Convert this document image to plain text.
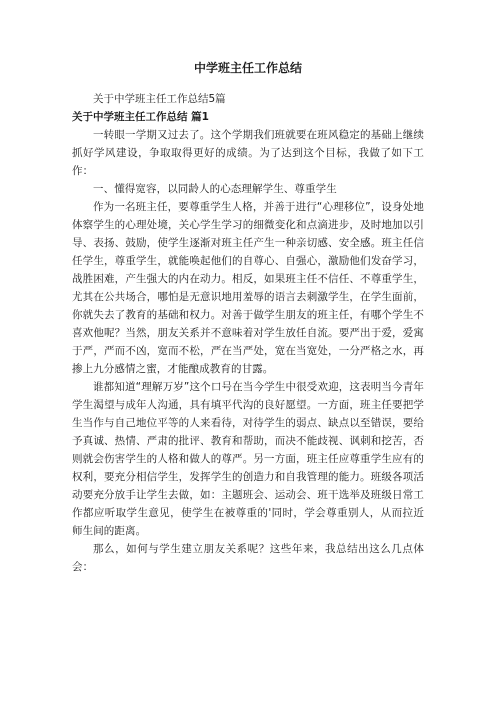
中学班主任工作总结

关于中学班主任工作总结5篇

关于中学班主任工作总结 篇1

一转眼一学期又过去了。这个学期我们班就要在班风稳定的基础上继续抓好学风建设，争取取得更好的成绩。为了达到这个目标，我做了如下工作：

一、懂得宽容，以同龄人的心态理解学生、尊重学生

作为一名班主任，要尊重学生人格，并善于进行“心理移位”，设身处地体察学生的心理处境，关心学生学习的细微变化和点滴进步，及时地加以引导、表扬、鼓励，使学生逐渐对班主任产生一种亲切感、安全感。班主任信任学生，尊重学生，就能唤起他们的自尊心、自强心，激励他们发奋学习，战胜困难，产生强大的内在动力。相反，如果班主任不信任、不尊重学生，尤其在公共场合，哪怕是无意识地用羞辱的语言去刺激学生，在学生面前，你就失去了教育的基础和权力。对善于做学生朋友的班主任，有哪个学生不喜欢他呢？当然，朋友关系并不意味着对学生放任自流。要严出于爱，爱寓于严，严而不凶，宽而不松，严在当严处，宽在当宽处，一分严格之水，再掺上九分感情之蜜，才能酿成教育的甘露。

谁都知道“理解万岁”这个口号在当今学生中很受欢迎，这表明当今青年学生渴望与成年人沟通，具有填平代沟的良好愿望。一方面，班主任要把学生当作与自己地位平等的人来看待，对待学生的弱点、缺点以至错误，要给予真诚、热情、严肃的批评、教育和帮助，而决不能歧视、讽刺和挖苦，否则就会伤害学生的人格和做人的尊严。另一方面，班主任应尊重学生应有的权利，要充分相信学生，发挥学生的创造力和自我管理的能力。班级各项活动要充分放手让学生去做，如：主题班会、运动会、班干选举及班级日常工作都应听取学生意见，使学生在被尊重的'同时，学会尊重别人，从而拉近师生间的距离。

那么，如何与学生建立朋友关系呢？这些年来，我总结出这么几点体会：
